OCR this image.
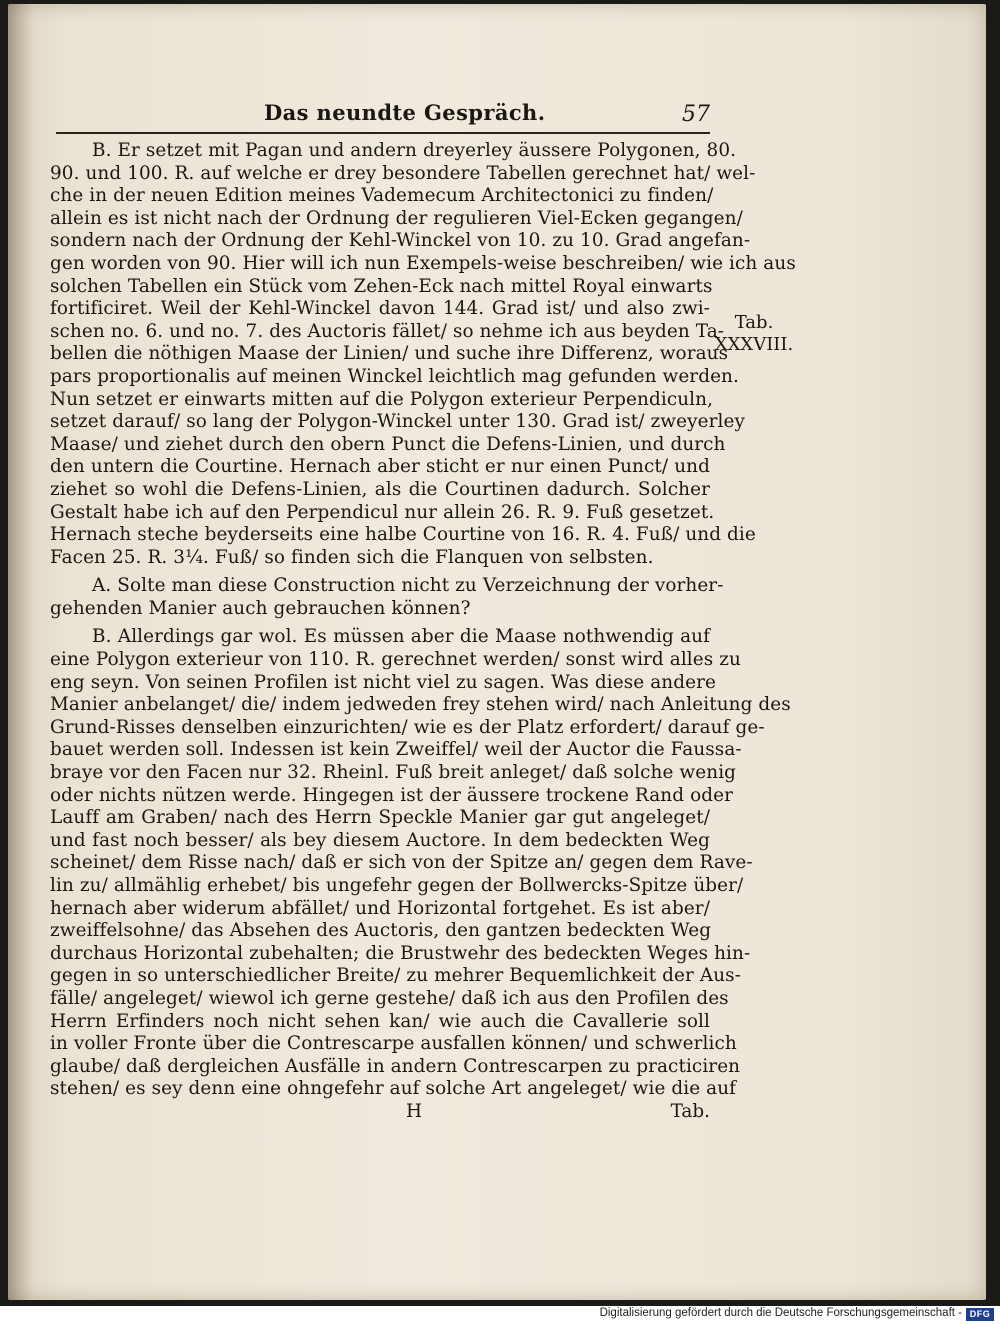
Das neundte Gespräch.	57
B. Er setzet mit Pagan und andern dreyerley äussere Polygonen, 80.
90. und 100. R. auf welche er drey besondere Tabellen gerechnet hat/ wel-
che in der neuen Edition meines Vademecum Architectonici zu finden/
allein es ist nicht nach der Ordnung der regulieren Viel-Ecken gegangen/
sondern nach der Ordnung der Kehl-Winckel von 10. zu 10. Grad angefan-
gen worden von 90. Hier will ich nun Exempels-weise beschreiben/ wie ich aus
solchen Tabellen ein Stück vom Zehen-Eck nach mittel Royal einwarts
fortificiret. Weil der Kehl-Winckel davon 144. Grad ist/ und also zwi-
schen no. 6. und no. 7. des Auctoris fället/ so nehme ich aus beyden Ta-
bellen die nöthigen Maase der Linien/ und suche ihre Differenz, woraus
pars proportionalis auf meinen Winckel leichtlich mag gefunden werden.
Nun setzet er einwarts mitten auf die Polygon exterieur Perpendiculn,
setzet darauf/ so lang der Polygon-Winckel unter 130. Grad ist/ zweyerley
Maase/ und ziehet durch den obern Punct die Defens-Linien, und durch
den untern die Courtine. Hernach aber sticht er nur einen Punct/ und
ziehet so wohl die Defens-Linien, als die Courtinen dadurch. Solcher
Gestalt habe ich auf den Perpendicul nur allein 26. R. 9. Fuß gesetzet.
Hernach steche beyderseits eine halbe Courtine von 16. R. 4. Fuß/ und die
Facen 25. R. 3¼. Fuß/ so finden sich die Flanquen von selbsten.
A. Solte man diese Construction nicht zu Verzeichnung der vorher-
gehenden Manier auch gebrauchen können?
B. Allerdings gar wol. Es müssen aber die Maase nothwendig auf
eine Polygon exterieur von 110. R. gerechnet werden/ sonst wird alles zu
eng seyn. Von seinen Profilen ist nicht viel zu sagen. Was diese andere
Manier anbelanget/ die/ indem jedweden frey stehen wird/ nach Anleitung des
Grund-Risses denselben einzurichten/ wie es der Platz erfordert/ darauf ge-
bauet werden soll. Indessen ist kein Zweiffel/ weil der Auctor die Faussa-
braye vor den Facen nur 32. Rheinl. Fuß breit anleget/ daß solche wenig
oder nichts nützen werde. Hingegen ist der äussere trockene Rand oder
Lauff am Graben/ nach des Herrn Speckle Manier gar gut angeleget/
und fast noch besser/ als bey diesem Auctore. In dem bedeckten Weg
scheinet/ dem Risse nach/ daß er sich von der Spitze an/ gegen dem Rave-
lin zu/ allmählig erhebet/ bis ungefehr gegen der Bollwercks-Spitze über/
hernach aber widerum abfället/ und Horizontal fortgehet. Es ist aber/
zweiffelsohne/ das Absehen des Auctoris, den gantzen bedeckten Weg
durchaus Horizontal zubehalten; die Brustwehr des bedeckten Weges hin-
gegen in so unterschiedlicher Breite/ zu mehrer Bequemlichkeit der Aus-
fälle/ angeleget/ wiewol ich gerne gestehe/ daß ich aus den Profilen des
Herrn Erfinders noch nicht sehen kan/ wie auch die Cavallerie soll
in voller Fronte über die Contrescarpe ausfallen können/ und schwerlich
glaube/ daß dergleichen Ausfälle in andern Contrescarpen zu practiciren
stehen/ es sey denn eine ohngefehr auf solche Art angeleget/ wie die auf
H	Tab.
Tab.
XXXVIII.
Digitalisierung gefördert durch die Deutsche Forschungsgemeinschaft - DFG
